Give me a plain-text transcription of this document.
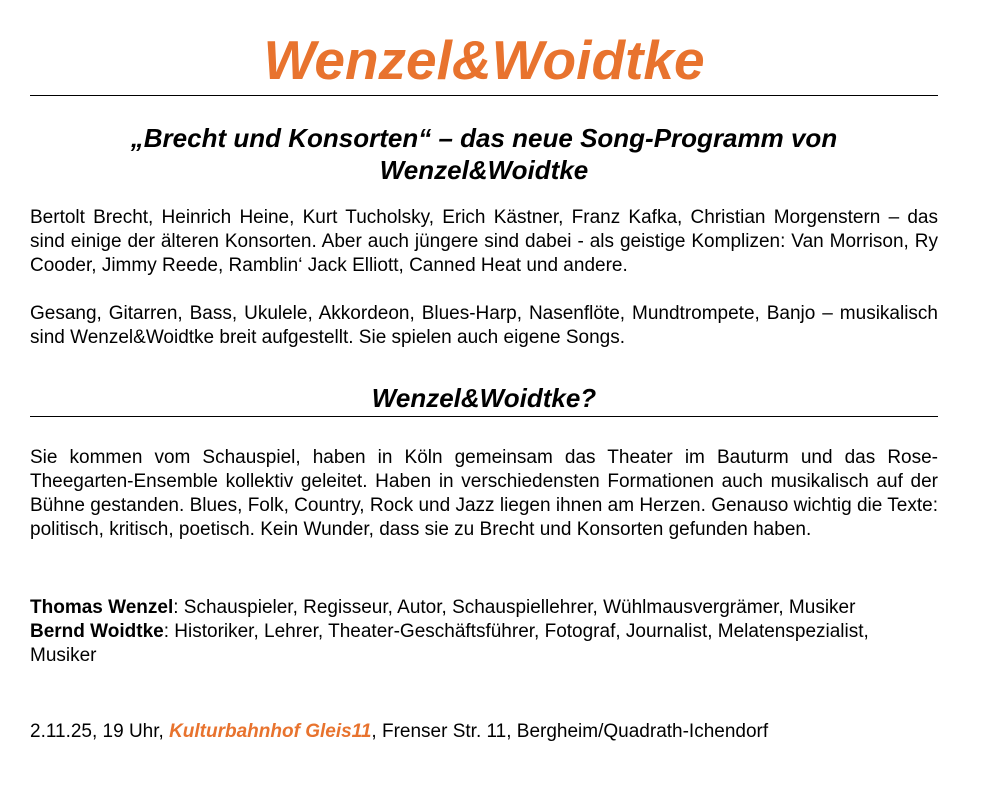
Wenzel&Woidtke
„Brecht und Konsorten“ – das neue Song-Programm von Wenzel&Woidtke

Bertolt Brecht, Heinrich Heine, Kurt Tucholsky, Erich Kästner, Franz Kafka, Christian Morgenstern – das sind einige der älteren Konsorten. Aber auch jüngere sind dabei - als geistige Komplizen: Van Morrison, Ry Cooder, Jimmy Reede, Ramblin‘ Jack Elliott, Canned Heat und andere.

Gesang, Gitarren, Bass, Ukulele, Akkordeon, Blues-Harp, Nasenflöte, Mundtrompete, Banjo – musikalisch sind Wenzel&Woidtke breit aufgestellt. Sie spielen auch eigene Songs.

Wenzel&Woidtke?

Sie kommen vom Schauspiel, haben in Köln gemeinsam das Theater im Bauturm und das Rose-Theegarten-Ensemble kollektiv geleitet. Haben in verschiedensten Formationen auch musikalisch auf der Bühne gestanden. Blues, Folk, Country, Rock und Jazz liegen ihnen am Herzen. Genauso wichtig die Texte: politisch, kritisch, poetisch. Kein Wunder, dass sie zu Brecht und Konsorten gefunden haben.

Thomas Wenzel: Schauspieler, Regisseur, Autor, Schauspiellehrer, Wühlmausvergrämer, Musiker
Bernd Woidtke: Historiker, Lehrer, Theater-Geschäftsführer, Fotograf, Journalist, Melatenspezialist, Musiker
2.11.25, 19 Uhr, Kulturbahnhof Gleis11, Frenser Str. 11, Bergheim/Quadrath-Ichendorf
